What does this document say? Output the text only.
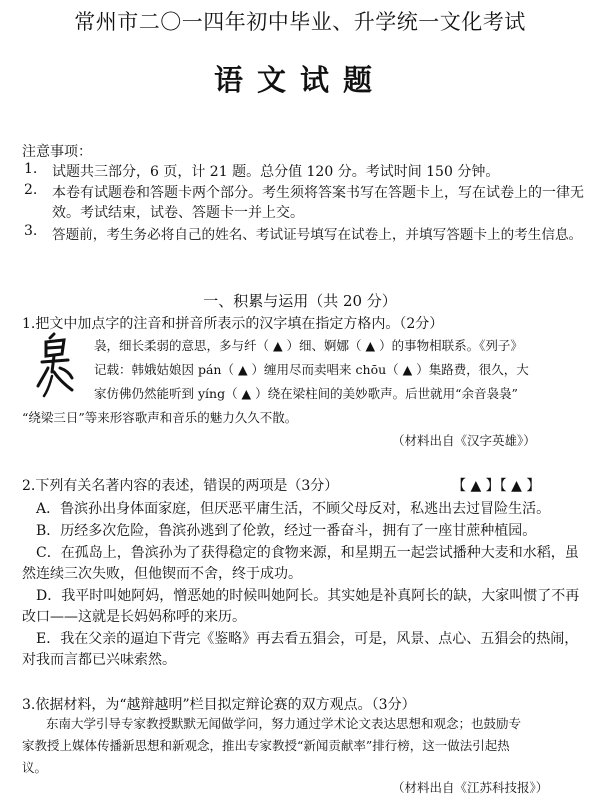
常州市二〇一四年初中毕业、升学统一文化考试
语文试题
注意事项：
1. 试题共三部分，6 页，计 21 题。总分值 120 分。考试时间 150 分钟。
2. 本卷有试题卷和答题卡两个部分。考生须将答案书写在答题卡上，写在试卷上的一律无
效。考试结束，试卷、答题卡一并上交。
3. 答题前，考生务必将自己的姓名、考试证号填写在试卷上，并填写答题卡上的考生信息。
一、积累与运用（共 20 分）
1.把文中加点字的注音和拼音所表示的汉字填在指定方格内。（2分）
袅，细长柔弱的意思，多与纤（ ▲ ）细、婀娜（ ▲ ）的事物相联系。《列子》
记载：韩娥姑娘因 pán（ ▲ ）缠用尽而卖唱来 chōu（ ▲ ）集路费，很久，大
家仿佛仍然能听到 yíng（ ▲ ）绕在梁柱间的美妙歌声。后世就用“余音袅袅”
“绕梁三日”等来形容歌声和音乐的魅力久久不散。
（材料出自《汉字英雄》）
2.下列有关名著内容的表述，错误的两项是（3分）	【 ▲ 】【 ▲ 】
A．鲁滨孙出身体面家庭，但厌恶平庸生活，不顾父母反对，私逃出去过冒险生活。
B．历经多次危险，鲁滨孙逃到了伦敦，经过一番奋斗，拥有了一座甘蔗种植园。
C．在孤岛上，鲁滨孙为了获得稳定的食物来源，和星期五一起尝试播种大麦和水稻，虽
然连续三次失败，但他锲而不舍，终于成功。
D．我平时叫她阿妈，憎恶她的时候叫她阿长。其实她是补真阿长的缺，大家叫惯了不再
改口——这就是长妈妈称呼的来历。
E．我在父亲的逼迫下背完《鉴略》再去看五猖会，可是，风景、点心、五猖会的热闹，
对我而言都已兴味索然。
3.依据材料，为“越辩越明”栏目拟定辩论赛的双方观点。（3分）
东南大学引导专家教授默默无闻做学问，努力通过学术论文表达思想和观念；也鼓励专
家教授上媒体传播新思想和新观念，推出专家教授“新闻贡献率”排行榜，这一做法引起热
议。
（材料出自《江苏科技报》）
